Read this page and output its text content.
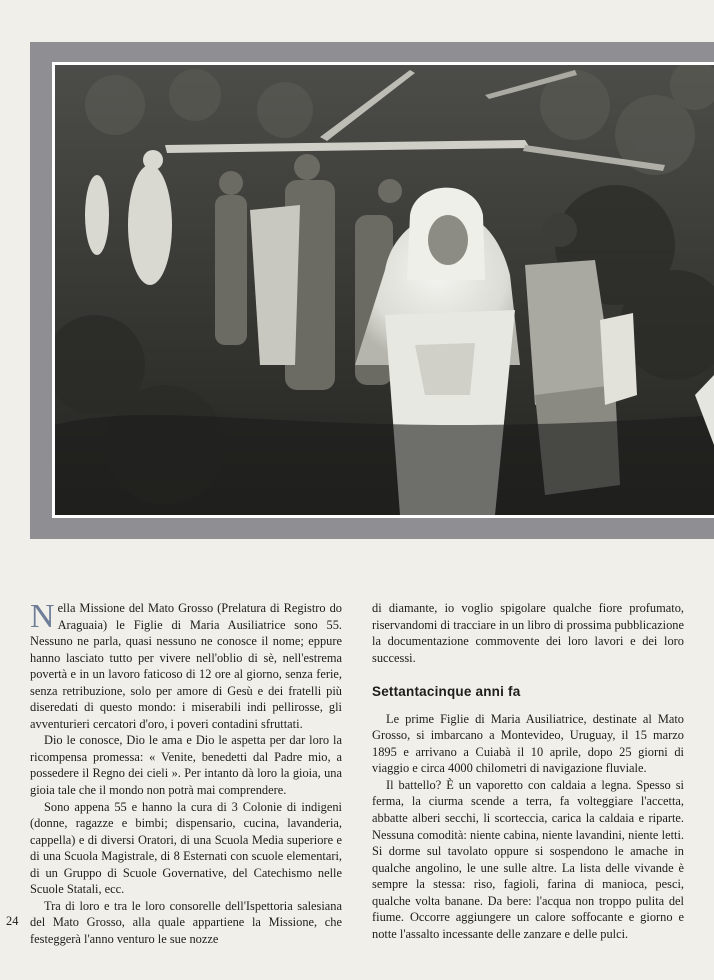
Nella Missione del Mato Grosso (Prelatura di Registro do Araguaia) le Figlie di Maria Ausiliatrice sono 55. Nessuno ne parla, quasi nessuno ne conosce il nome; eppure hanno lasciato tutto per vivere nell'oblio di sè, nell'estrema povertà e in un lavoro faticoso di 12 ore al giorno, senza ferie, senza retribuzione, solo per amore di Gesù e dei fratelli più diseredati di questo mondo: i miserabili indi pellirosse, gli avventurieri cercatori d'oro, i poveri contadini sfruttati.

Dio le conosce, Dio le ama e Dio le aspetta per dar loro la ricompensa promessa: « Venite, benedetti dal Padre mio, a possedere il Regno dei cieli ». Per intanto dà loro la gioia, una gioia tale che il mondo non potrà mai comprendere.

Sono appena 55 e hanno la cura di 3 Colonie di indigeni (donne, ragazze e bimbi; dispensario, cucina, lavanderia, cappella) e di diversi Oratori, di una Scuola Media superiore e di una Scuola Magistrale, di 8 Esternati con scuole elementari, di un Gruppo di Scuole Governative, del Catechismo nelle Scuole Statali, ecc.

Tra di loro e tra le loro consorelle dell'Ispettoria salesiana del Mato Grosso, alla quale appartiene la Missione, che festeggerà l'anno venturo le sue nozze

di diamante, io voglio spigolare qualche fiore profumato, riservandomi di tracciare in un libro di prossima pubblicazione la documentazione commovente dei loro lavori e dei loro successi.

Settantacinque anni fa

Le prime Figlie di Maria Ausiliatrice, destinate al Mato Grosso, si imbarcano a Montevideo, Uruguay, il 15 marzo 1895 e arrivano a Cuiabà il 10 aprile, dopo 25 giorni di viaggio e circa 4000 chilometri di navigazione fluviale.

Il battello? È un vaporetto con caldaia a legna. Spesso si ferma, la ciurma scende a terra, fa volteggiare l'accetta, abbatte alberi secchi, li scorteccia, carica la caldaia e riparte. Nessuna comodità: niente cabina, niente lavandini, niente letti. Si dorme sul tavolato oppure si sospendono le amache in qualche angolino, le une sulle altre. La lista delle vivande è sempre la stessa: riso, fagioli, farina di manioca, pesci, qualche volta banane. Da bere: l'acqua non troppo pulita del fiume. Occorre aggiungere un calore soffocante e giorno e notte l'assalto incessante delle zanzare e delle pulci.

24
